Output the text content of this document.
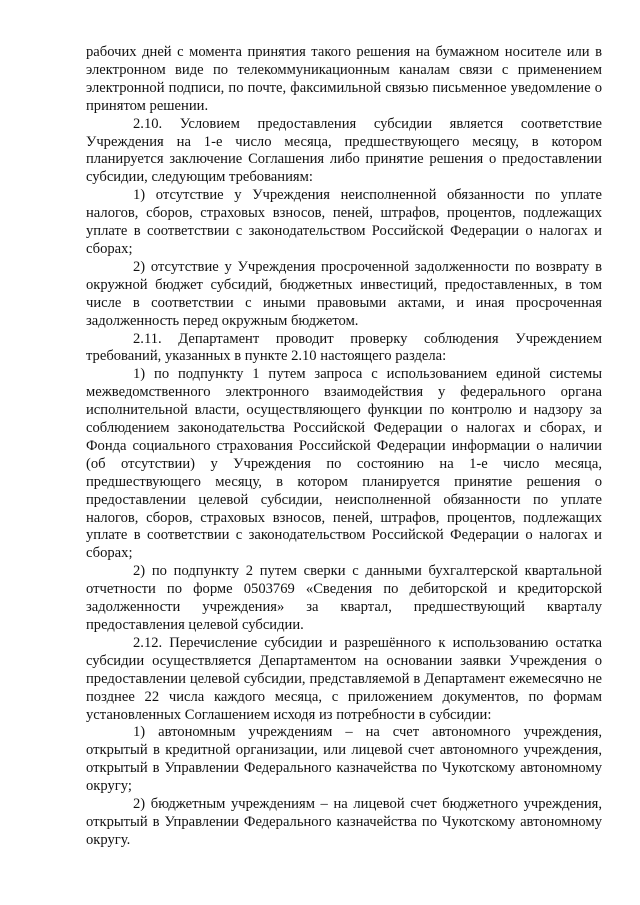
рабочих дней с момента принятия такого решения на бумажном носителе или в электронном виде по телекоммуникационным каналам связи с применением электронной подписи, по почте, факсимильной связью письменное уведомление о принятом решении.

2.10. Условием предоставления субсидии является соответствие Учреждения на 1-е число месяца, предшествующего месяцу, в котором планируется заключение Соглашения либо принятие решения о предоставлении субсидии, следующим требованиям:

1) отсутствие у Учреждения неисполненной обязанности по уплате налогов, сборов, страховых взносов, пеней, штрафов, процентов, подлежащих уплате в соответствии с законодательством Российской Федерации о налогах и сборах;

2) отсутствие у Учреждения просроченной задолженности по возврату в окружной бюджет субсидий, бюджетных инвестиций, предоставленных, в том числе в соответствии с иными правовыми актами, и иная просроченная задолженность перед окружным бюджетом.

2.11. Департамент проводит проверку соблюдения Учреждением требований, указанных в пункте 2.10 настоящего раздела:

1) по подпункту 1 путем запроса с использованием единой системы межведомственного электронного взаимодействия у федерального органа исполнительной власти, осуществляющего функции по контролю и надзору за соблюдением законодательства Российской Федерации о налогах и сборах, и Фонда социального страхования Российской Федерации информации о наличии (об отсутствии) у Учреждения по состоянию на 1-е число месяца, предшествующего месяцу, в котором планируется принятие решения о предоставлении целевой субсидии, неисполненной обязанности по уплате налогов, сборов, страховых взносов, пеней, штрафов, процентов, подлежащих уплате в соответствии с законодательством Российской Федерации о налогах и сборах;

2) по подпункту 2 путем сверки с данными бухгалтерской квартальной отчетности по форме 0503769 «Сведения по дебиторской и кредиторской задолженности учреждения» за квартал, предшествующий кварталу предоставления целевой субсидии.

2.12. Перечисление субсидии и разрешённого к использованию остатка субсидии осуществляется Департаментом на основании заявки Учреждения о предоставлении целевой субсидии, представляемой в Департамент ежемесячно не позднее 22 числа каждого месяца, с приложением документов, по формам установленных Соглашением исходя из потребности в субсидии:

1) автономным учреждениям – на счет автономного учреждения, открытый в кредитной организации, или лицевой счет автономного учреждения, открытый в Управлении Федерального казначейства по Чукотскому автономному округу;

2) бюджетным учреждениям – на лицевой счет бюджетного учреждения, открытый в Управлении Федерального казначейства по Чукотскому автономному округу.
